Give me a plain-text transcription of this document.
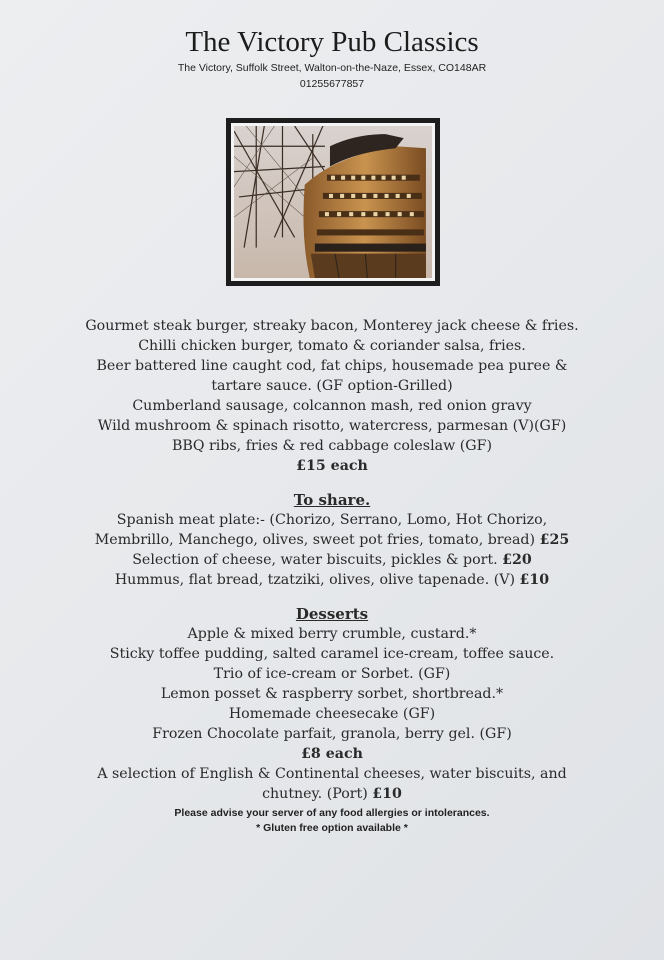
The Victory Pub Classics
The Victory, Suffolk Street, Walton-on-the-Naze, Essex, CO148AR
01255677857
Gourmet steak burger, streaky bacon, Monterey jack cheese & fries.
Chilli chicken burger, tomato & coriander salsa, fries.
Beer battered line caught cod, fat chips, housemade pea puree &
tartare sauce. (GF option-Grilled)
Cumberland sausage, colcannon mash, red onion gravy
Wild mushroom & spinach risotto, watercress, parmesan (V)(GF)
BBQ ribs, fries & red cabbage coleslaw (GF)
£15 each
To share.
Spanish meat plate:- (Chorizo, Serrano, Lomo, Hot Chorizo,
Membrillo, Manchego, olives, sweet pot fries, tomato, bread) £25
Selection of cheese, water biscuits, pickles & port. £20
Hummus, flat bread, tzatziki, olives, olive tapenade. (V) £10
Desserts
Apple & mixed berry crumble, custard.*
Sticky toffee pudding, salted caramel ice-cream, toffee sauce.
Trio of ice-cream or Sorbet. (GF)
Lemon posset & raspberry sorbet, shortbread.*
Homemade cheesecake (GF)
Frozen Chocolate parfait, granola, berry gel. (GF)
£8 each
A selection of English & Continental cheeses, water biscuits, and
chutney. (Port) £10
Please advise your server of any food allergies or intolerances.
* Gluten free option available *
